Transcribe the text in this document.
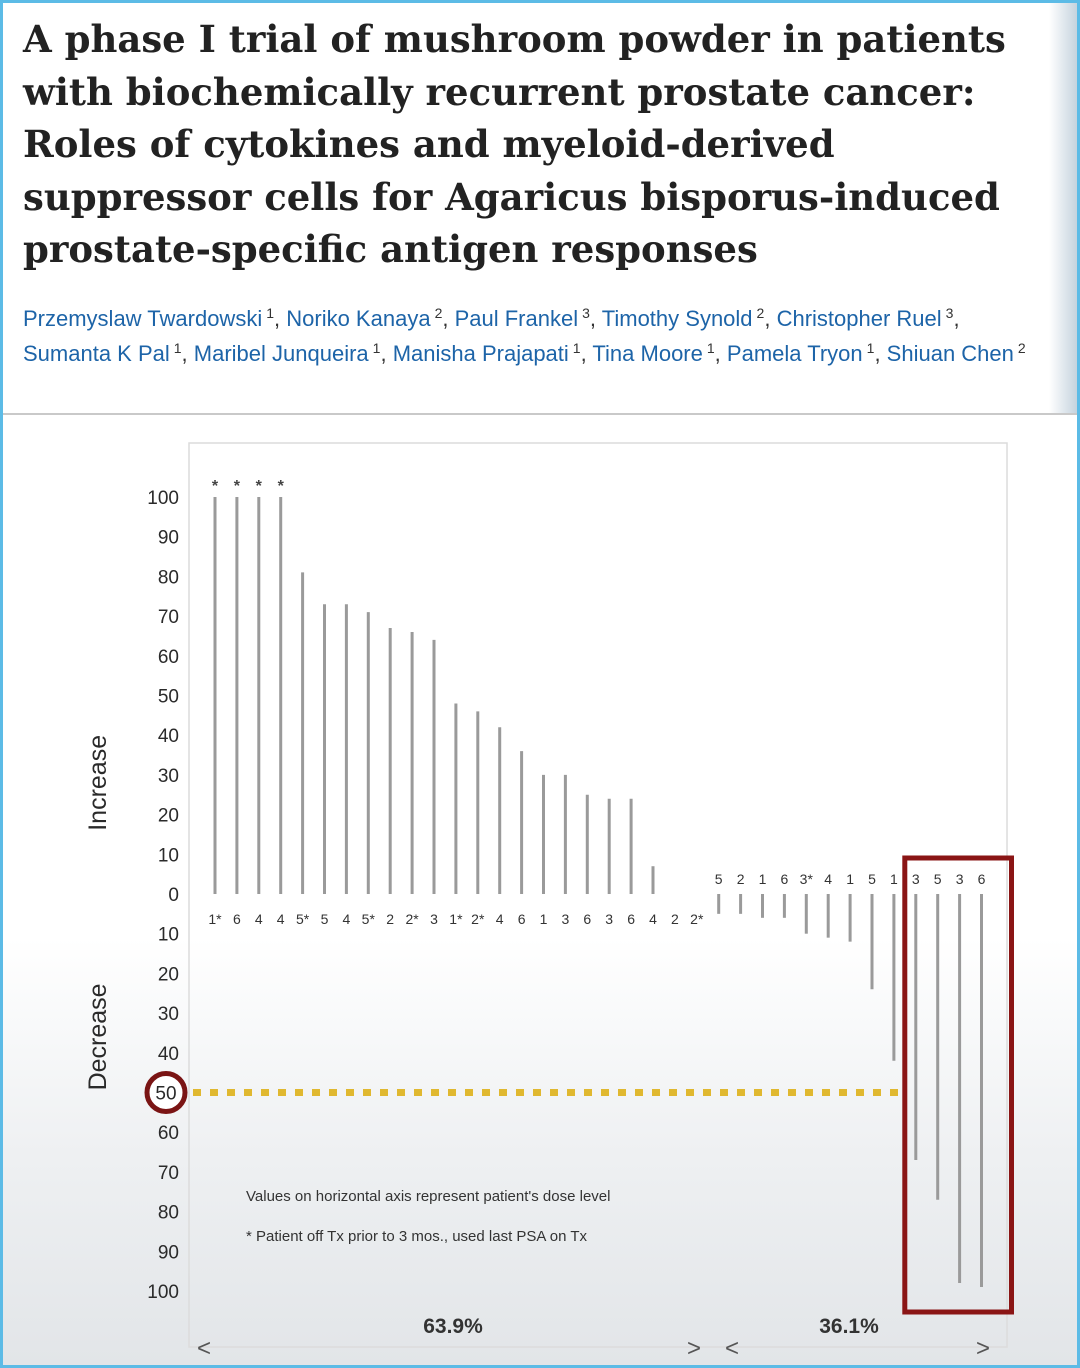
A phase I trial of mushroom powder in patients with biochemically recurrent prostate cancer: Roles of cytokines and myeloid-derived suppressor cells for Agaricus bisporus-induced prostate-specific antigen responses
Przemyslaw Twardowski $^1$, Noriko Kanaya $^2$, Paul Frankel $^3$, Timothy Synold $^2$, Christopher Ruel $^3$, Sumanta K Pal $^1$, Maribel Junqueira $^1$, Manisha Prajapati $^1$, Tina Moore $^1$, Pamela Tryon $^1$, Shiuan Chen $^2$
100
90
80
70
60
50
40
30
20
10
0
10
20
30
40
60
70
80
90
100
Increase
Decrease
50
1* 6 4 4 5* 5 4 5* 2 2* 3 1* 2* 4 6 1 3 6 3 6 4 2 2*
5 2 1 6 3* 4 1 5 1 3 5 3 6
* * * *
Values on horizontal axis represent patient's dose level
* Patient off Tx prior to 3 mos., used last PSA on Tx
63.9%	36.1%
<	> <	>
